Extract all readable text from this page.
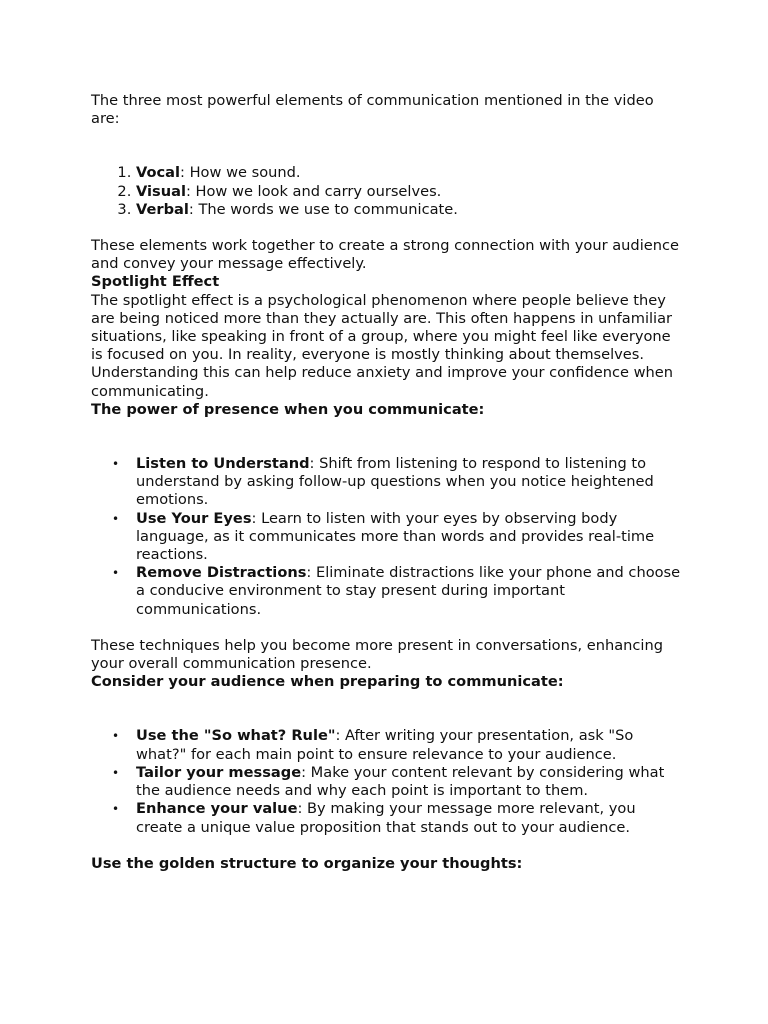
The three most powerful elements of communication mentioned in the video are:

1. Vocal: How we sound.
2. Visual: How we look and carry ourselves.
3. Verbal: The words we use to communicate.

These elements work together to create a strong connection with your audience and convey your message effectively.

Spotlight Effect

The spotlight effect is a psychological phenomenon where people believe they are being noticed more than they actually are. This often happens in unfamiliar situations, like speaking in front of a group, where you might feel like everyone is focused on you. In reality, everyone is mostly thinking about themselves. Understanding this can help reduce anxiety and improve your confidence when communicating.

The power of presence when you communicate:

• Listen to Understand: Shift from listening to respond to listening to understand by asking follow-up questions when you notice heightened emotions.
• Use Your Eyes: Learn to listen with your eyes by observing body language, as it communicates more than words and provides real-time reactions.
• Remove Distractions: Eliminate distractions like your phone and choose a conducive environment to stay present during important communications.

These techniques help you become more present in conversations, enhancing your overall communication presence.

Consider your audience when preparing to communicate:

• Use the "So what? Rule": After writing your presentation, ask "So what?" for each main point to ensure relevance to your audience.
• Tailor your message: Make your content relevant by considering what the audience needs and why each point is important to them.
• Enhance your value: By making your message more relevant, you create a unique value proposition that stands out to your audience.

Use the golden structure to organize your thoughts:
